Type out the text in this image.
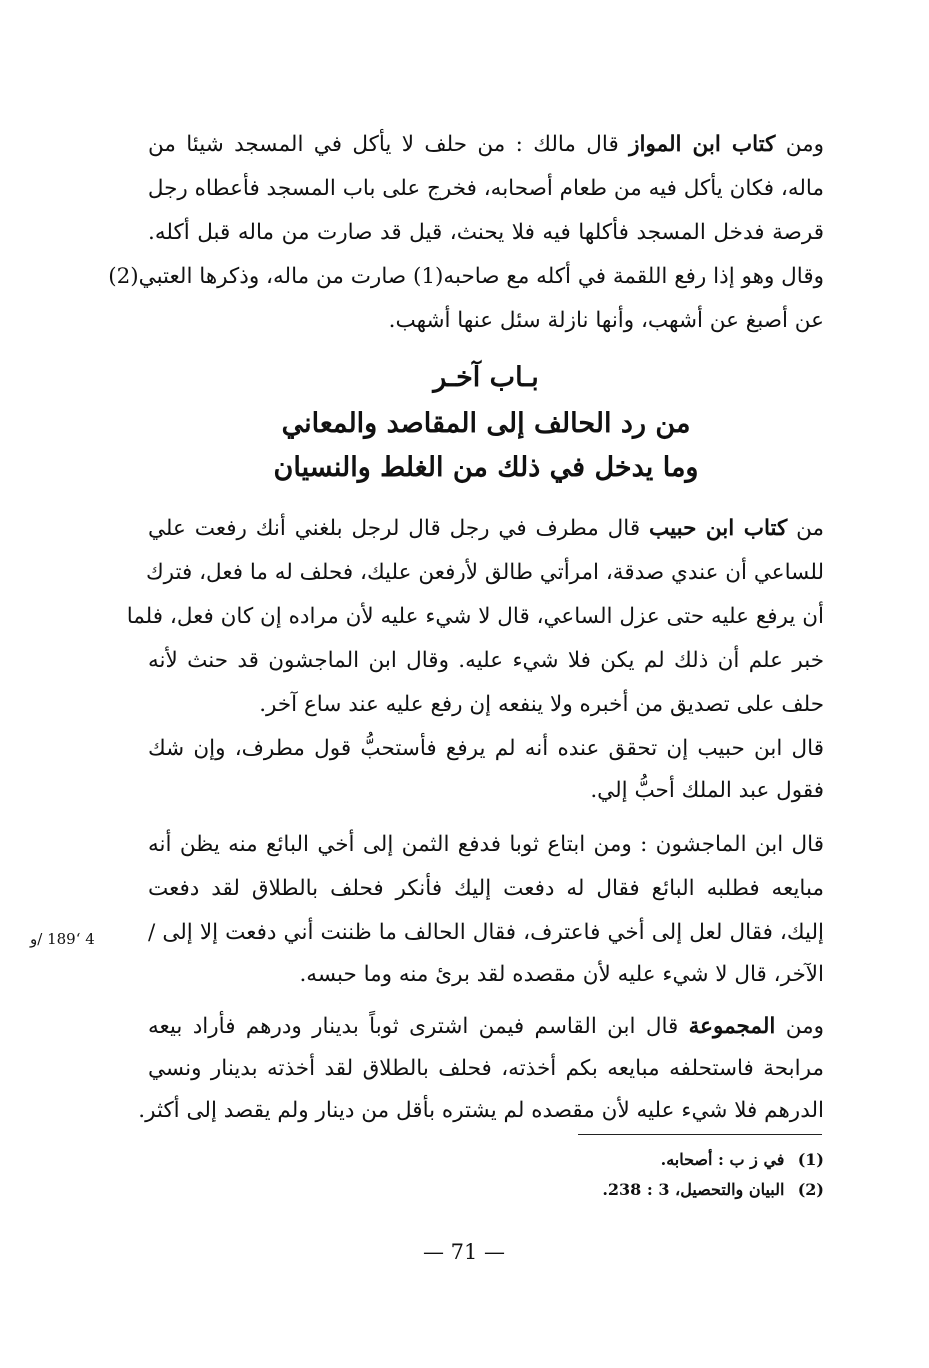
ومن كتاب ابن المواز قال مالك : من حلف لا يأكل في المسجد شيئا من
ماله، فكان يأكل فيه من طعام أصحابه، فخرج على باب المسجد فأعطاه رجل
قرصة فدخل المسجد فأكلها فيه فلا يحنث، قيل قد صارت من ماله قبل أكله.
وقال وهو إذا رفع اللقمة في أكله مع صاحبه(1) صارت من ماله، وذكرها العتبي(2)
عن أصبغ عن أشهب، وأنها نازلة سئل عنها أشهب.
بـاب آخـر
من رد الحالف إلى المقاصد والمعاني
وما يدخل في ذلك من الغلط والنسيان
من كتاب ابن حبيب قال مطرف في رجل قال لرجل بلغني أنك رفعت علي
للساعي أن عندي صدقة، امرأتي طالق لأرفعن عليك، فحلف له ما فعل، فترك
أن يرفع عليه حتى عزل الساعي، قال لا شيء عليه لأن مراده إن كان فعل، فلما
خبر علم أن ذلك لم يكن فلا شيء عليه. وقال ابن الماجشون قد حنث لأنه
حلف على تصديق من أخبره ولا ينفعه إن رفع عليه عند ساع آخر.
قال ابن حبيب إن تحقق عنده أنه لم يرفع فأستحبُّ قول مطرف، وإن شك
فقول عبد الملك أحبُّ إلي.
قال ابن الماجشون : ومن ابتاع ثوبا فدفع الثمن إلى أخي البائع منه يظن أنه
مبايعه فطلبه البائع فقال له دفعت إليك فأنكر فحلف بالطلاق لقد دفعت
إليك، فقال لعل إلى أخي فاعترف، فقال الحالف ما ظننت أني دفعت إلا إلى /
الآخر، قال لا شيء عليه لأن مقصده لقد برئ منه وما حبسه.
4 ‘189 /و
ومن المجموعة قال ابن القاسم فيمن اشترى ثوباً بدينار ودرهم فأراد بيعه
مرابحة فاستحلفه مبايعه بكم أخذته، فحلف بالطلاق لقد أخذته بدينار ونسي
الدرهم فلا شيء عليه لأن مقصده لم يشتره بأقل من دينار ولم يقصد إلى أكثر.
(1) في ز ب : أصحابه.
(2) البيان والتحصيل، 3 : 238.
— 71 —
